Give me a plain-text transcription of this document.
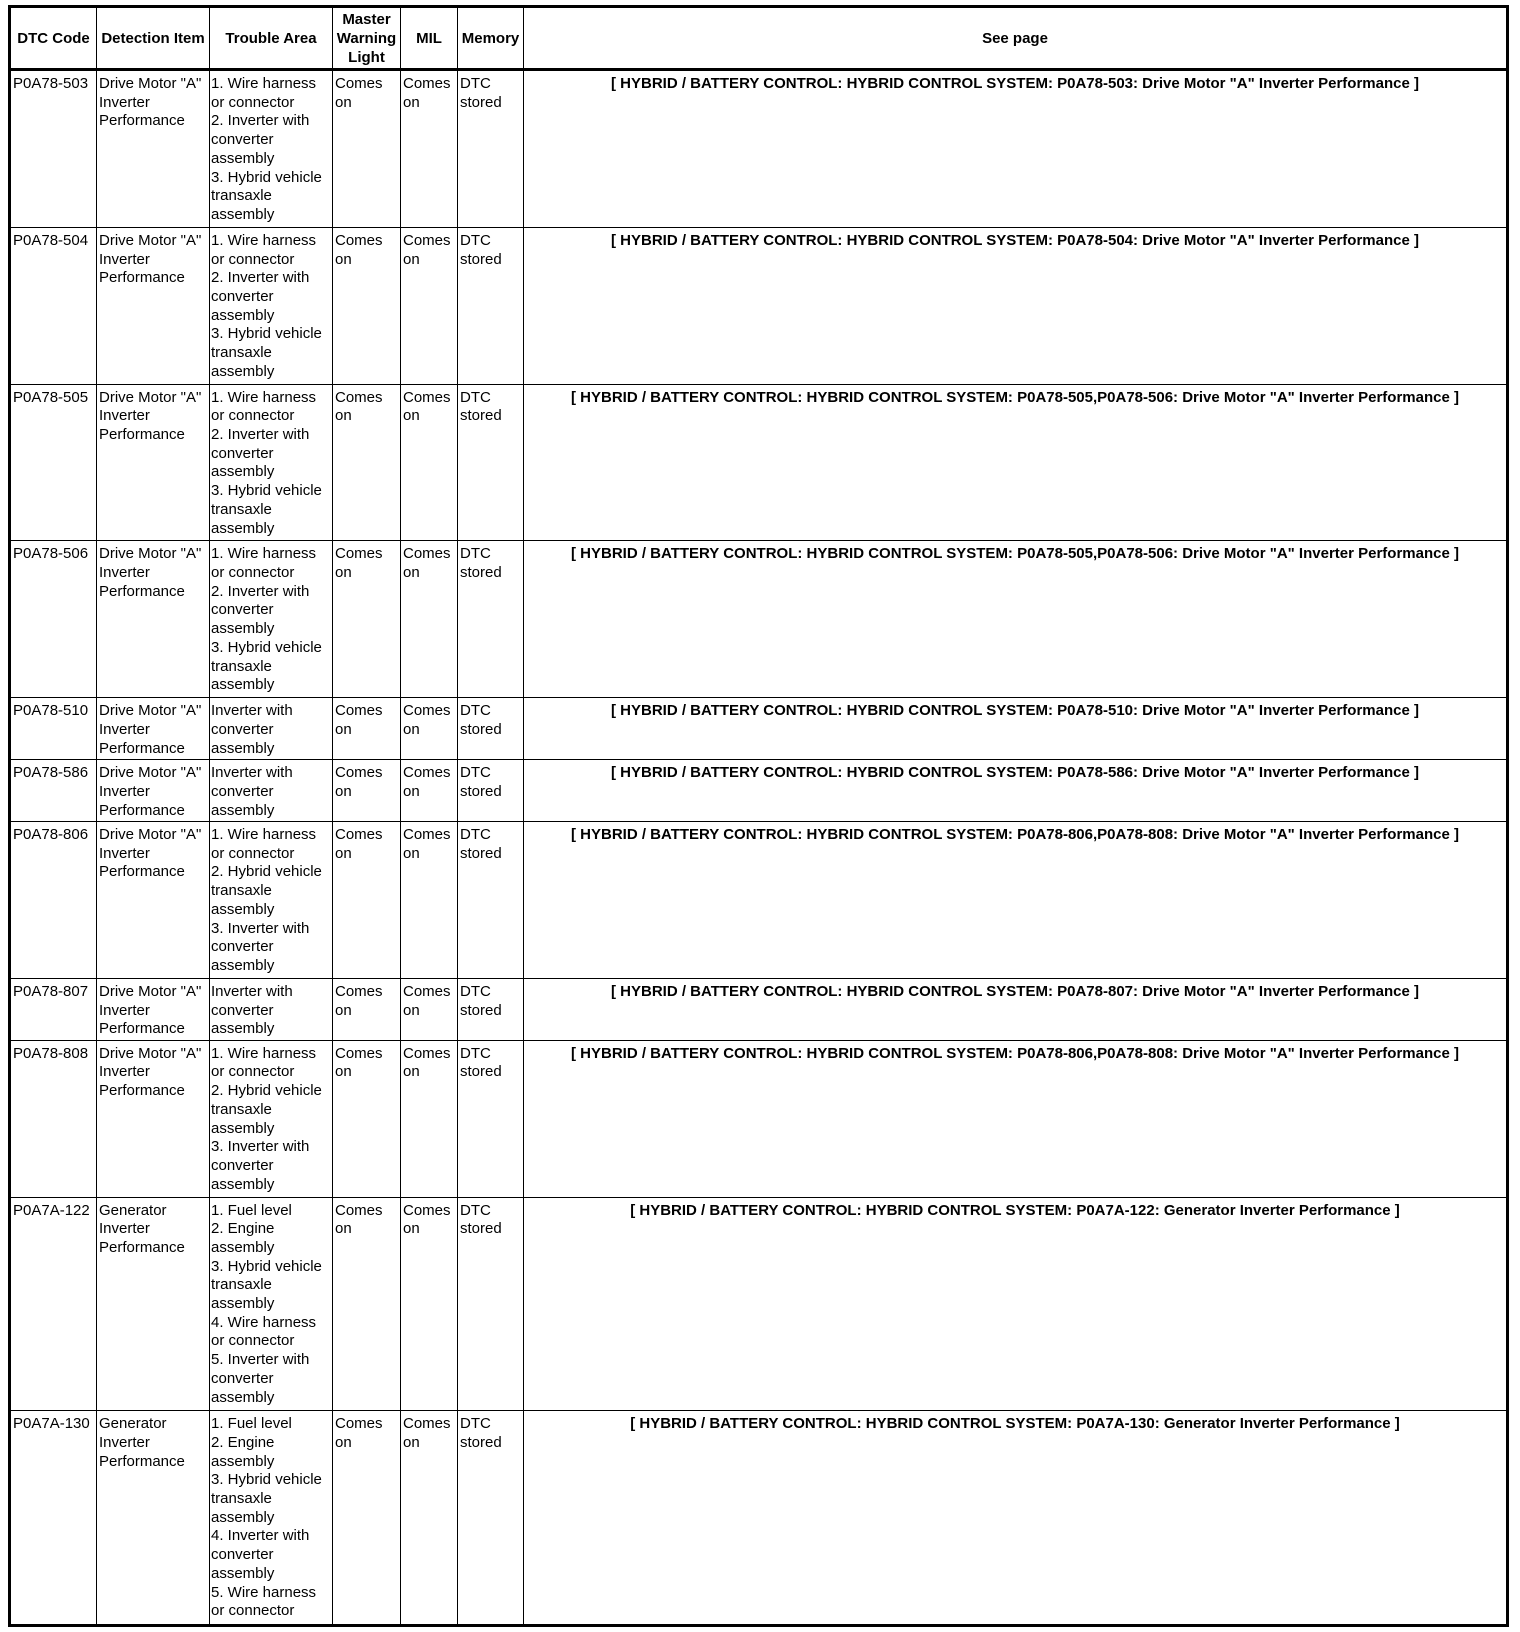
DTC Code	Detection Item	Trouble Area	Master Warning Light	MIL	Memory	See page
P0A78-503	Drive Motor "A" Inverter Performance	1. Wire harness or connector
2. Inverter with converter assembly
3. Hybrid vehicle transaxle assembly	Comes on	Comes on	DTC stored	[ HYBRID / BATTERY CONTROL: HYBRID CONTROL SYSTEM: P0A78-503: Drive Motor "A" Inverter Performance ]
P0A78-504	Drive Motor "A" Inverter Performance	1. Wire harness or connector
2. Inverter with converter assembly
3. Hybrid vehicle transaxle assembly	Comes on	Comes on	DTC stored	[ HYBRID / BATTERY CONTROL: HYBRID CONTROL SYSTEM: P0A78-504: Drive Motor "A" Inverter Performance ]
P0A78-505	Drive Motor "A" Inverter Performance	1. Wire harness or connector
2. Inverter with converter assembly
3. Hybrid vehicle transaxle assembly	Comes on	Comes on	DTC stored	[ HYBRID / BATTERY CONTROL: HYBRID CONTROL SYSTEM: P0A78-505,P0A78-506: Drive Motor "A" Inverter Performance ]
P0A78-506	Drive Motor "A" Inverter Performance	1. Wire harness or connector
2. Inverter with converter assembly
3. Hybrid vehicle transaxle assembly	Comes on	Comes on	DTC stored	[ HYBRID / BATTERY CONTROL: HYBRID CONTROL SYSTEM: P0A78-505,P0A78-506: Drive Motor "A" Inverter Performance ]
P0A78-510	Drive Motor "A" Inverter Performance	Inverter with converter assembly	Comes on	Comes on	DTC stored	[ HYBRID / BATTERY CONTROL: HYBRID CONTROL SYSTEM: P0A78-510: Drive Motor "A" Inverter Performance ]
P0A78-586	Drive Motor "A" Inverter Performance	Inverter with converter assembly	Comes on	Comes on	DTC stored	[ HYBRID / BATTERY CONTROL: HYBRID CONTROL SYSTEM: P0A78-586: Drive Motor "A" Inverter Performance ]
P0A78-806	Drive Motor "A" Inverter Performance	1. Wire harness or connector
2. Hybrid vehicle transaxle assembly
3. Inverter with converter assembly	Comes on	Comes on	DTC stored	[ HYBRID / BATTERY CONTROL: HYBRID CONTROL SYSTEM: P0A78-806,P0A78-808: Drive Motor "A" Inverter Performance ]
P0A78-807	Drive Motor "A" Inverter Performance	Inverter with converter assembly	Comes on	Comes on	DTC stored	[ HYBRID / BATTERY CONTROL: HYBRID CONTROL SYSTEM: P0A78-807: Drive Motor "A" Inverter Performance ]
P0A78-808	Drive Motor "A" Inverter Performance	1. Wire harness or connector
2. Hybrid vehicle transaxle assembly
3. Inverter with converter assembly	Comes on	Comes on	DTC stored	[ HYBRID / BATTERY CONTROL: HYBRID CONTROL SYSTEM: P0A78-806,P0A78-808: Drive Motor "A" Inverter Performance ]
P0A7A-122	Generator Inverter Performance	1. Fuel level
2. Engine assembly
3. Hybrid vehicle transaxle assembly
4. Wire harness or connector
5. Inverter with converter assembly	Comes on	Comes on	DTC stored	[ HYBRID / BATTERY CONTROL: HYBRID CONTROL SYSTEM: P0A7A-122: Generator Inverter Performance ]
P0A7A-130	Generator Inverter Performance	1. Fuel level
2. Engine assembly
3. Hybrid vehicle transaxle assembly
4. Inverter with converter assembly
5. Wire harness or connector	Comes on	Comes on	DTC stored	[ HYBRID / BATTERY CONTROL: HYBRID CONTROL SYSTEM: P0A7A-130: Generator Inverter Performance ]
